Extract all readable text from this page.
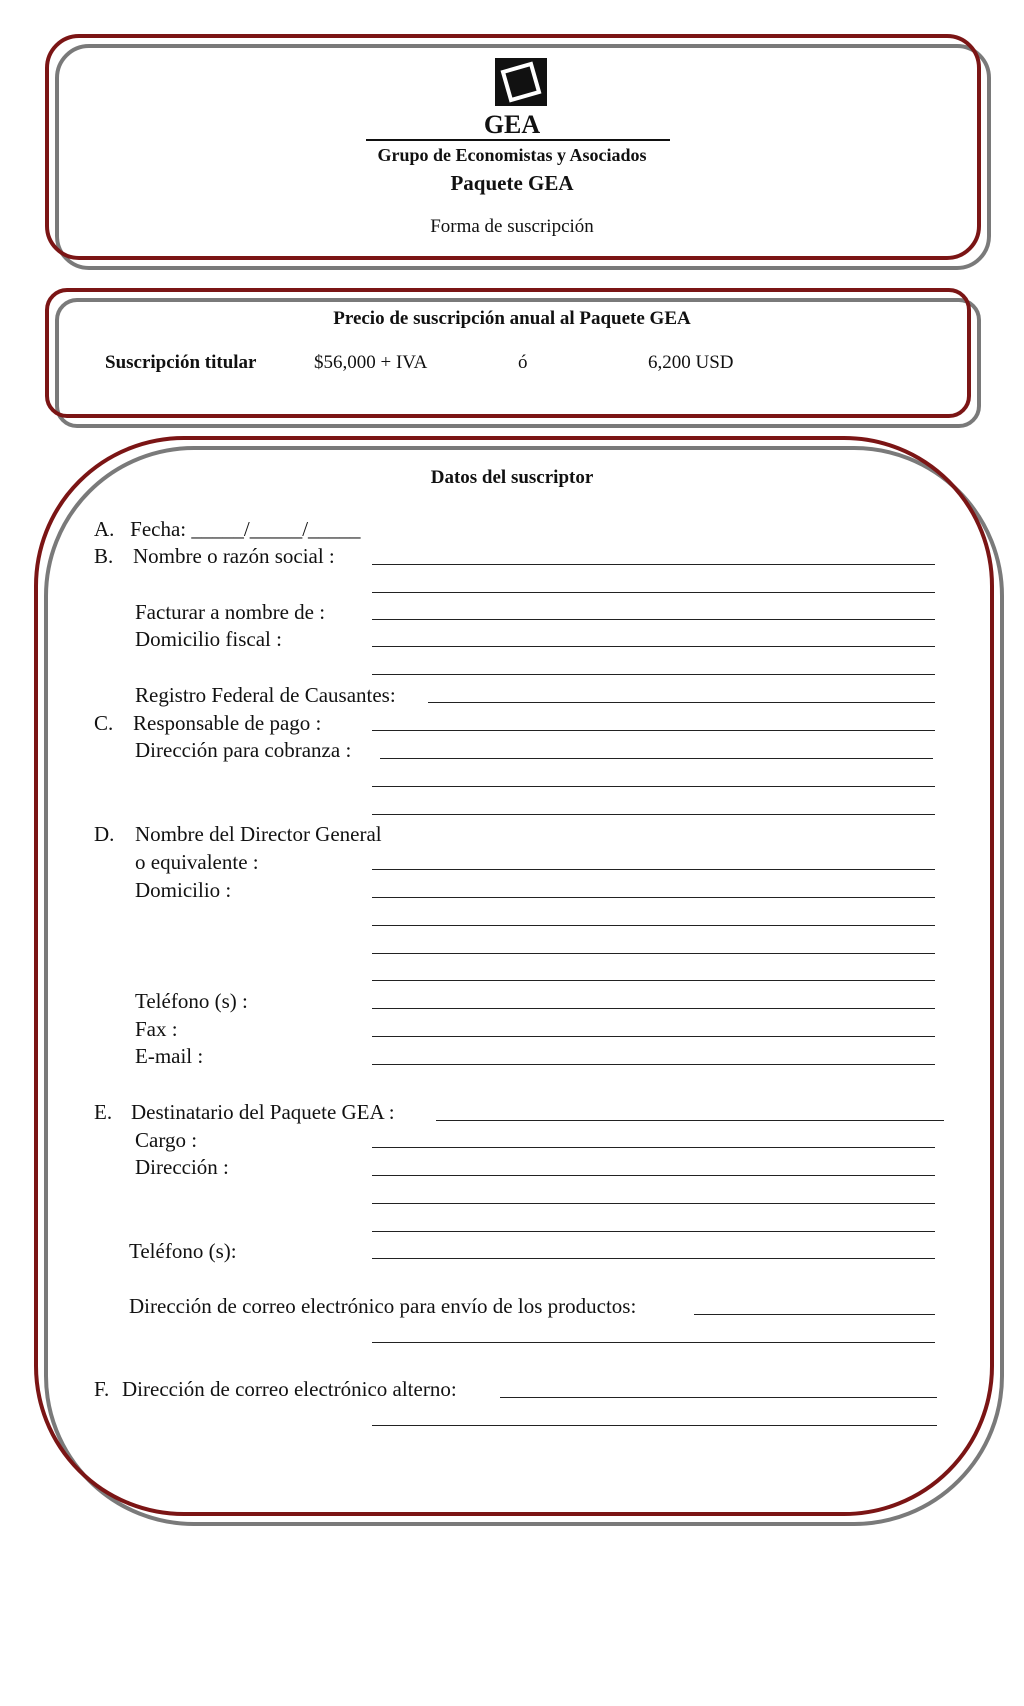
GEA
Grupo de Economistas y Asociados
Paquete GEA
Forma de suscripción
Precio de suscripción anual al Paquete GEA
Suscripción titular	$56,000 + IVA	ó	6,200 USD
Datos del suscriptor
A.   Fecha: _____/_____/_____
B. Nombre o razón social :
Facturar a nombre de :
Domicilio fiscal :
Registro Federal de Causantes:
C. Responsable de pago :
Dirección para cobranza :
D. Nombre del Director General
o equivalente :
Domicilio :
Teléfono (s) :
Fax :
E-mail :
E. Destinatario del Paquete GEA :
Cargo :
Dirección :
Teléfono (s):
Dirección de correo electrónico para envío de los productos:
F. Dirección de correo electrónico alterno:
